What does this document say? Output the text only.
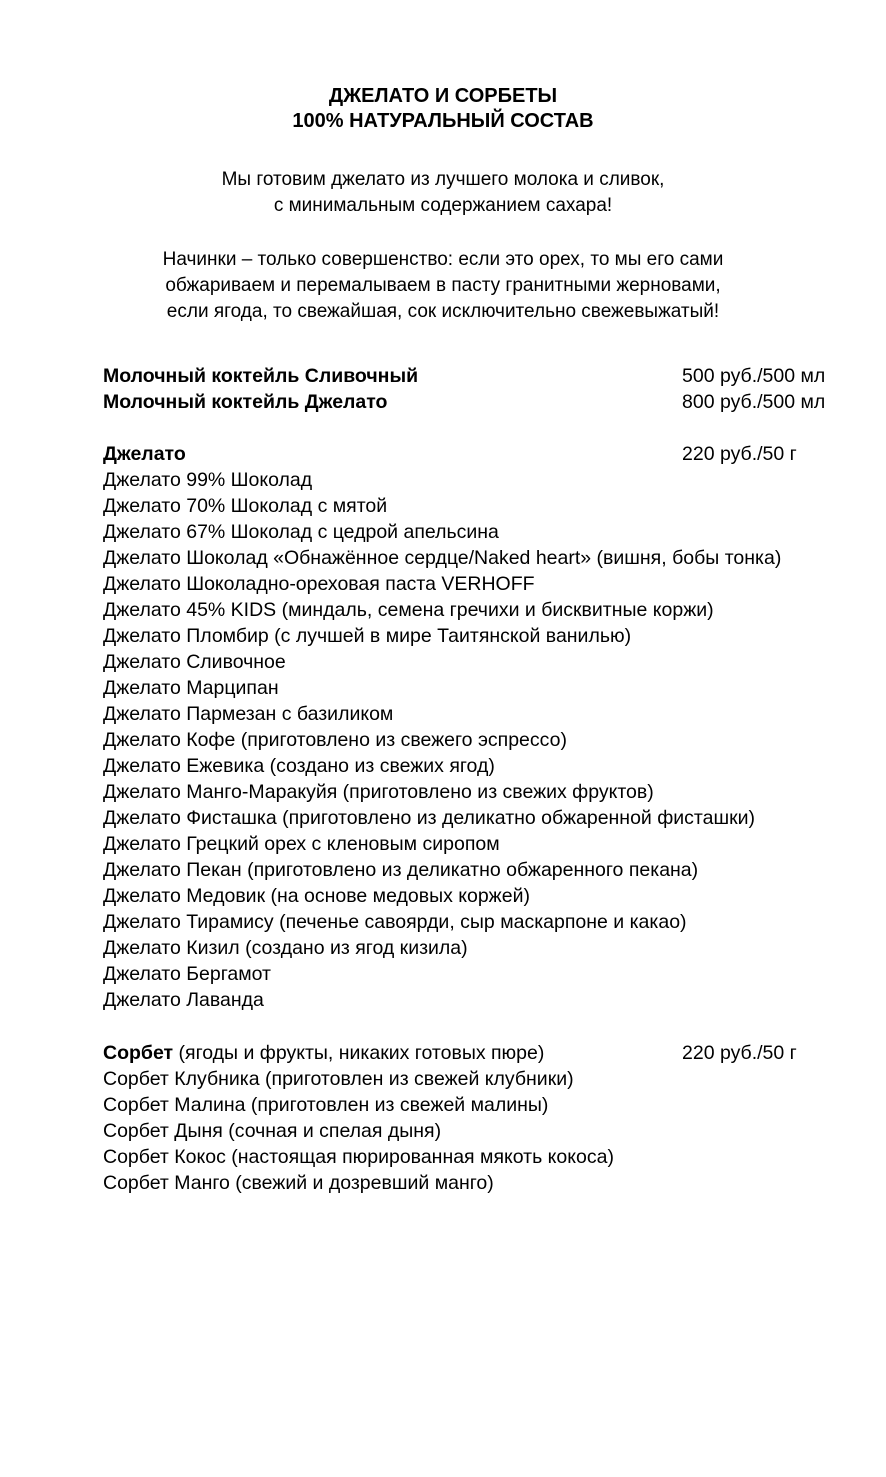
ДЖЕЛАТО И СОРБЕТЫ
100% НАТУРАЛЬНЫЙ СОСТАВ
Мы готовим джелато из лучшего молока и сливок,
с минимальным содержанием сахара!
Начинки – только совершенство: если это орех, то мы его сами
обжариваем и перемалываем в пасту гранитными жерновами,
если ягода, то свежайшая, сок исключительно свежевыжатый!
Молочный коктейль Сливочный	500 руб./500 мл
Молочный коктейль Джелато	800 руб./500 мл
Джелато	220 руб./50 г
Джелато 99% Шоколад
Джелато 70% Шоколад с мятой
Джелато 67% Шоколад с цедрой апельсина
Джелато Шоколад «Обнажённое сердце/Naked heart» (вишня, бобы тонка)
Джелато Шоколадно-ореховая паста VERHOFF
Джелато 45% KIDS (миндаль, семена гречихи и бисквитные коржи)
Джелато Пломбир (с лучшей в мире Таитянской ванилью)
Джелато Сливочное
Джелато Марципан
Джелато Пармезан с базиликом
Джелато Кофе (приготовлено из свежего эспрессо)
Джелато Ежевика (создано из свежих ягод)
Джелато Манго-Маракуйя (приготовлено из свежих фруктов)
Джелато Фисташка (приготовлено из деликатно обжаренной фисташки)
Джелато Грецкий орех с кленовым сиропом
Джелато Пекан (приготовлено из деликатно обжаренного пекана)
Джелато Медовик (на основе медовых коржей)
Джелато Тирамису (печенье савоярди, сыр маскарпоне и какао)
Джелато Кизил (создано из ягод кизила)
Джелато Бергамот
Джелато Лаванда
Сорбет (ягоды и фрукты, никаких готовых пюре)	220 руб./50 г
Сорбет Клубника (приготовлен из свежей клубники)
Сорбет Малина (приготовлен из свежей малины)
Сорбет Дыня (сочная и спелая дыня)
Сорбет Кокос (настоящая пюрированная мякоть кокоса)
Сорбет Манго (свежий и дозревший манго)
